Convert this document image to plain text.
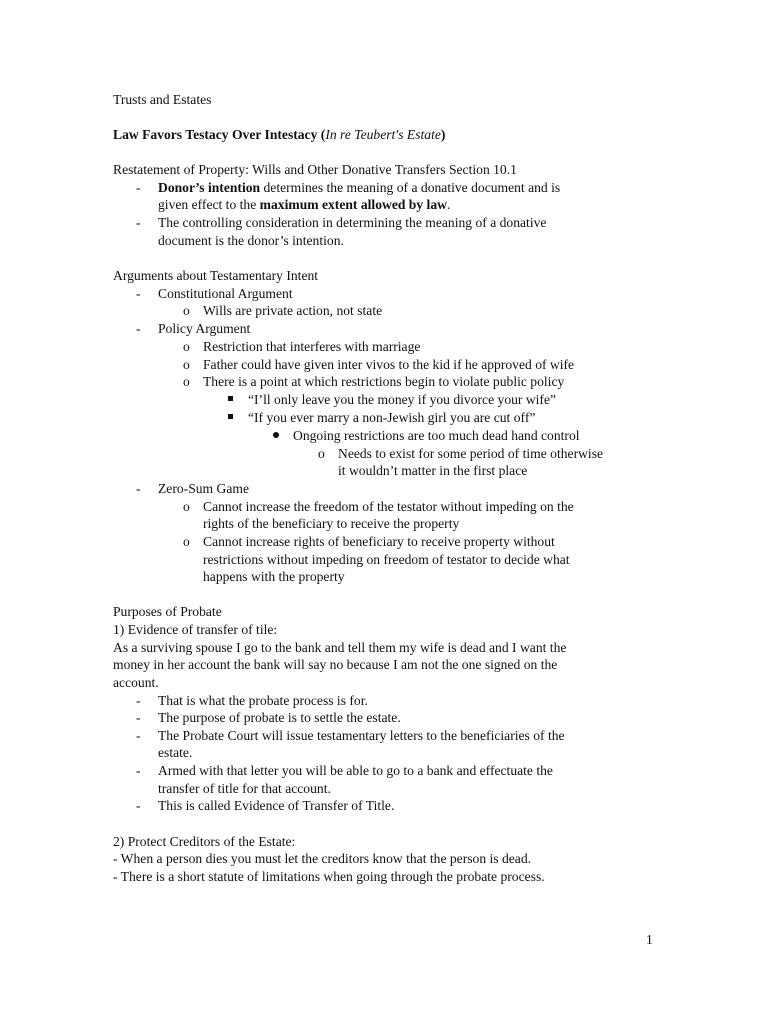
Trusts and Estates
Law Favors Testacy Over Intestacy (In re Teubert's Estate)
Restatement of Property: Wills and Other Donative Transfers Section 10.1
- Donor’s intention determines the meaning of a donative document and is
given effect to the maximum extent allowed by law.
- The controlling consideration in determining the meaning of a donative
document is the donor’s intention.
Arguments about Testamentary Intent
- Constitutional Argument
o Wills are private action, not state
- Policy Argument
o Restriction that interferes with marriage
o Father could have given inter vivos to the kid if he approved of wife
o There is a point at which restrictions begin to violate public policy
“I’ll only leave you the money if you divorce your wife”
“If you ever marry a non-Jewish girl you are cut off”
Ongoing restrictions are too much dead hand control
o Needs to exist for some period of time otherwise
it wouldn’t matter in the first place
- Zero-Sum Game
o Cannot increase the freedom of the testator without impeding on the
rights of the beneficiary to receive the property
o Cannot increase rights of beneficiary to receive property without
restrictions without impeding on freedom of testator to decide what
happens with the property
Purposes of Probate
1) Evidence of transfer of tile:
As a surviving spouse I go to the bank and tell them my wife is dead and I want the
money in her account the bank will say no because I am not the one signed on the
account.
- That is what the probate process is for.
- The purpose of probate is to settle the estate.
- The Probate Court will issue testamentary letters to the beneficiaries of the
estate.
- Armed with that letter you will be able to go to a bank and effectuate the
transfer of title for that account.
- This is called Evidence of Transfer of Title.
2) Protect Creditors of the Estate:
- When a person dies you must let the creditors know that the person is dead.
- There is a short statute of limitations when going through the probate process.
1
